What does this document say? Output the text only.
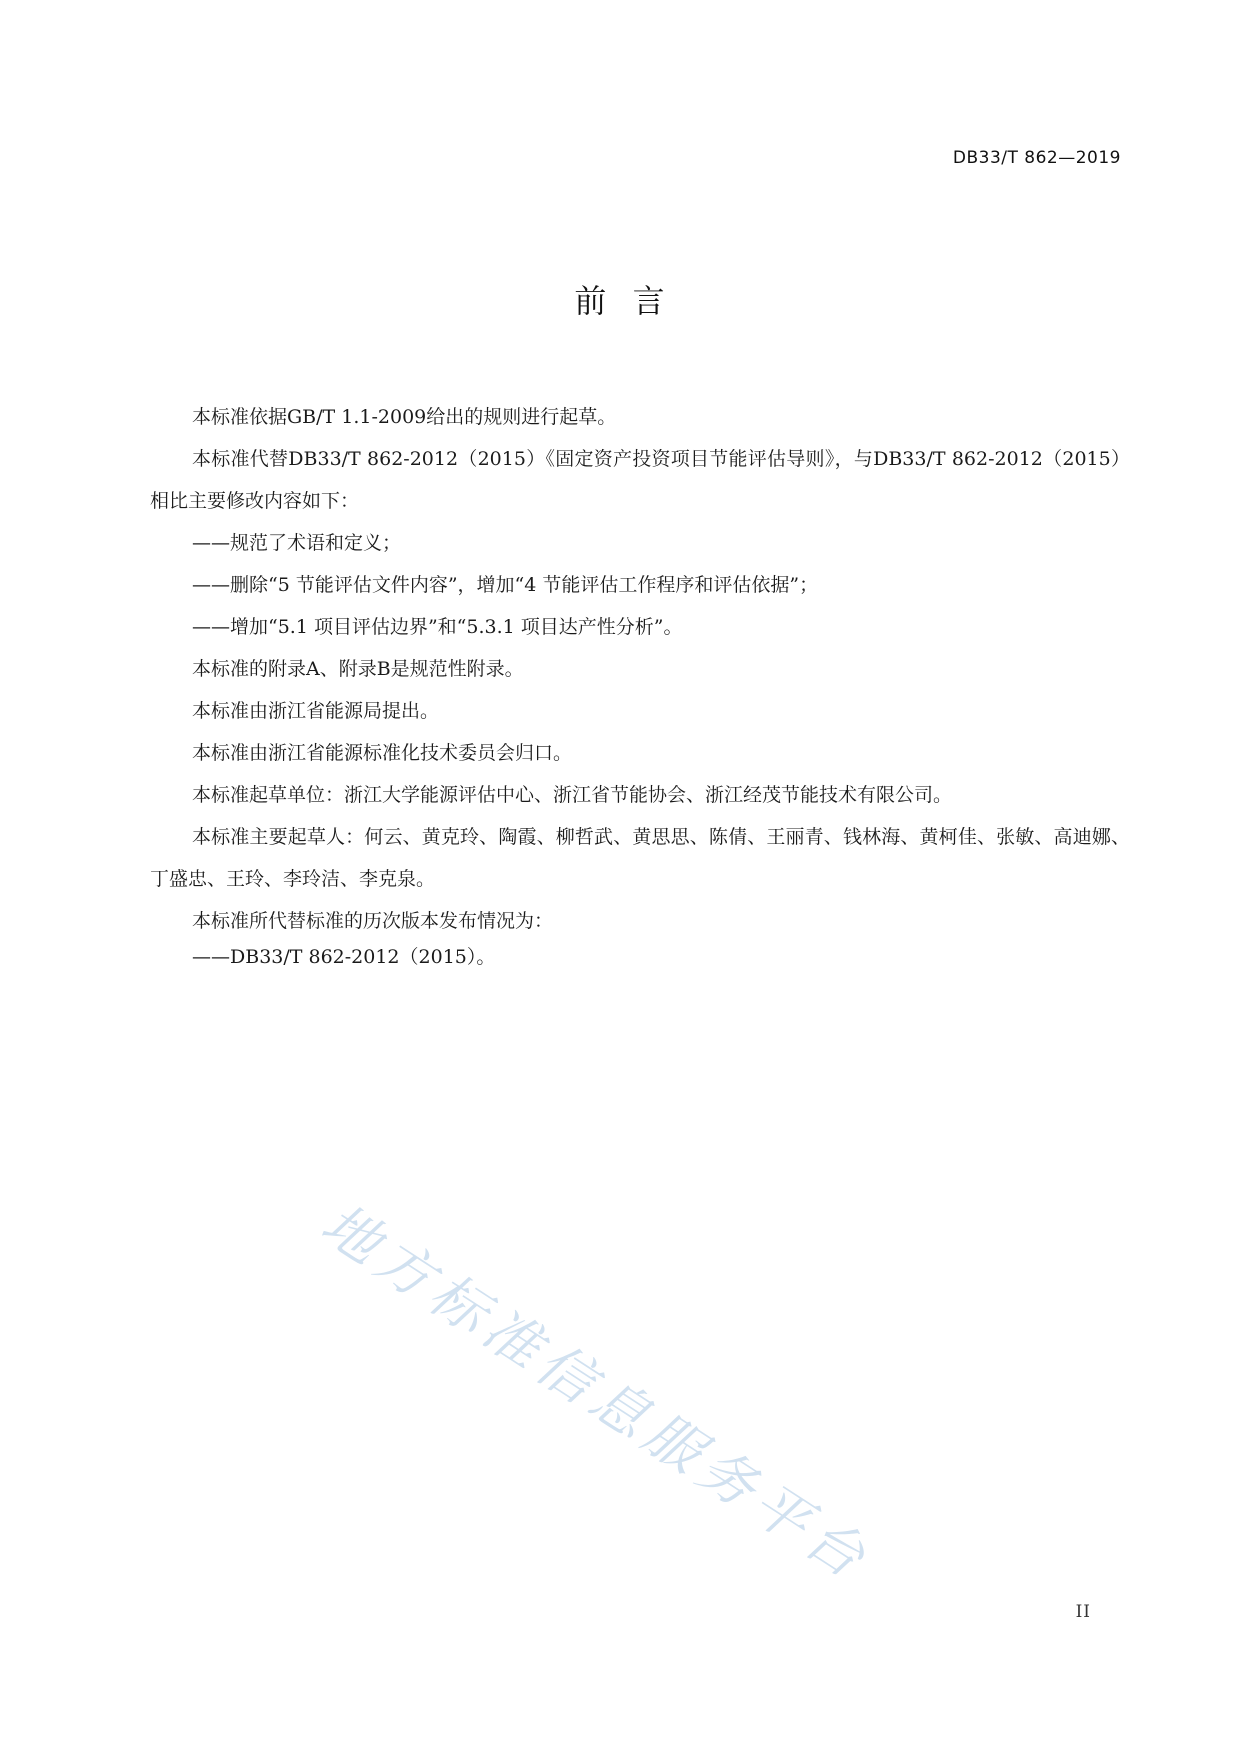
DB33/T 862—2019
前  言

本标准依据GB/T 1.1-2009给出的规则进行起草。

本标准代替DB33/T 862-2012（2015）《固定资产投资项目节能评估导则》，与DB33/T 862-2012（2015）相比主要修改内容如下：

——规范了术语和定义；

——删除“5 节能评估文件内容”，增加“4 节能评估工作程序和评估依据”；

——增加“5.1 项目评估边界”和“5.3.1 项目达产性分析”。

本标准的附录A、附录B是规范性附录。

本标准由浙江省能源局提出。

本标准由浙江省能源标准化技术委员会归口。

本标准起草单位：浙江大学能源评估中心、浙江省节能协会、浙江经茂节能技术有限公司。

本标准主要起草人：何云、黄克玲、陶霞、柳哲武、黄思思、陈倩、王丽青、钱林海、黄柯佳、张敏、高迪娜、丁盛忠、王玲、李玲洁、李克泉。

本标准所代替标准的历次版本发布情况为：

——DB33/T 862-2012（2015）。

地方标准信息服务平台
II
